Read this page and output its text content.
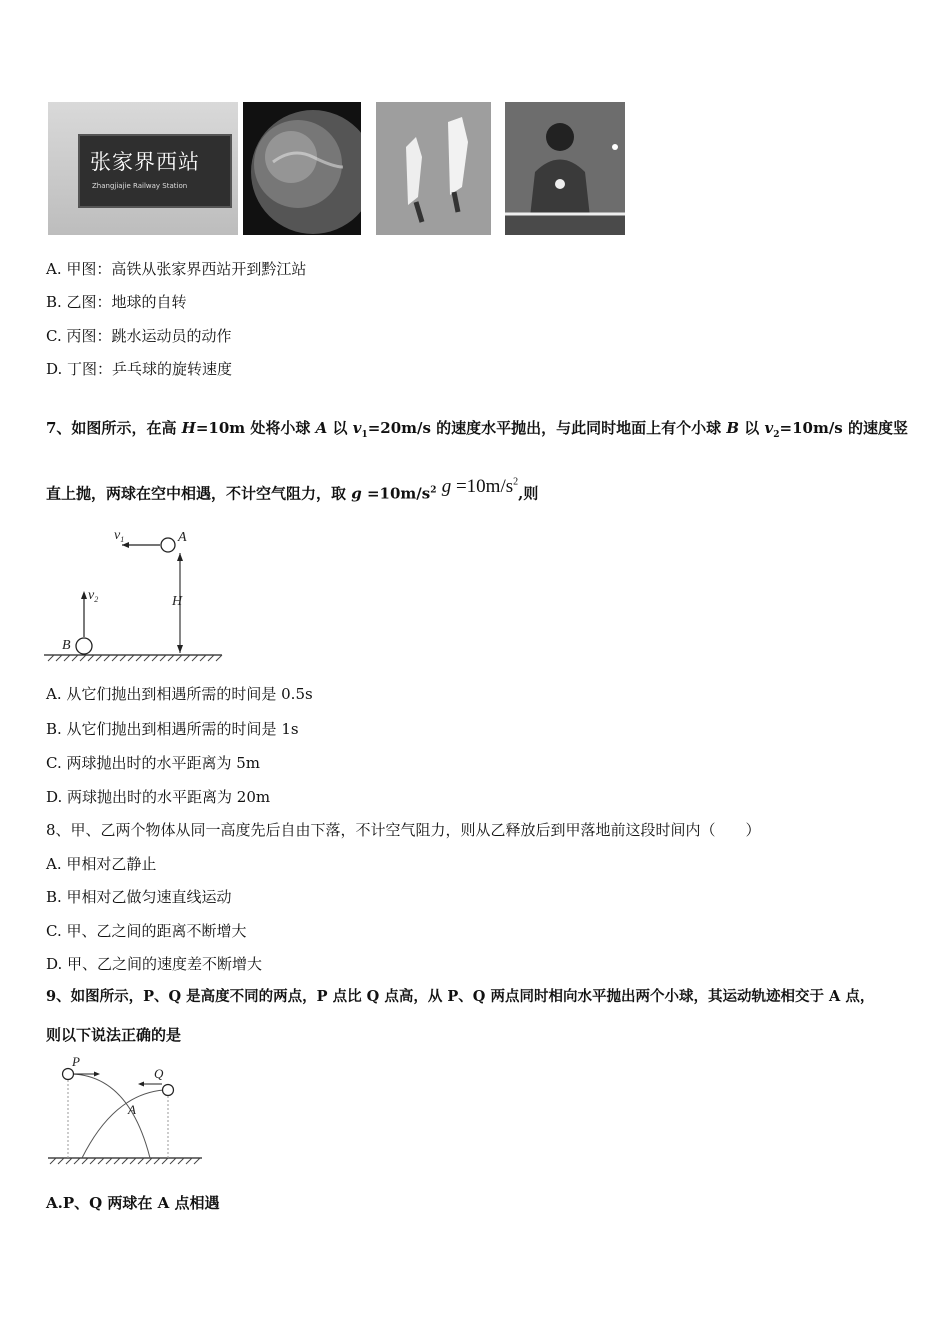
张家界西站
Zhangjiajie Railway Station
A. 甲图：高铁从张家界西站开到黔江站
B. 乙图：地球的自转
C. 丙图：跳水运动员的动作
D. 丁图：乒乓球的旋转速度
7、如图所示，在高 H=10m 处将小球 A 以 $v_1=20m/s$ 的速度水平抛出，与此同时地面上有个小球 B 以 $v_2=10m/s$ 的速度竖
直上抛，两球在空中相遇，不计空气阻力，取 $g =10m/s^2$ $g =10m/s^2$,则
$v_1$	A
H
$v_2$
B
A. 从它们抛出到相遇所需的时间是 0.5s
B. 从它们抛出到相遇所需的时间是 1s
C. 两球抛出时的水平距离为 5m
D. 两球抛出时的水平距离为 20m
8、甲、乙两个物体从同一高度先后自由下落，不计空气阻力，则从乙释放后到甲落地前这段时间内（　　）
A. 甲相对乙静止
B. 甲相对乙做匀速直线运动
C. 甲、乙之间的距离不断增大
D. 甲、乙之间的速度差不断增大
9、如图所示，P、Q 是高度不同的两点，P 点比 Q 点高，从 P、Q 两点同时相向水平抛出两个小球，其运动轨迹相交于 A 点，
则以下说法正确的是
P
Q
A
A.P、Q 两球在 A 点相遇
